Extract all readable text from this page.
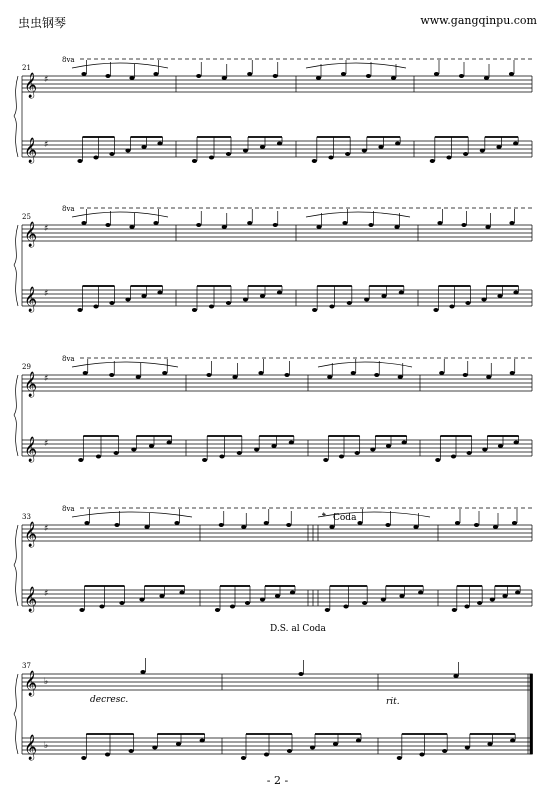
虫虫钢琴	www.gangqinpu.com
𝄞 ♯
𝄞 ♯
𝄞 ♯
𝄞 ♯
𝄞 ♯
𝄞 ♯
𝄞 ♯
𝄞 ♯
𝄞 ♭
𝄞 ♭
21
25
29
33
37
8va
8va
8va
8va
𝄌 Coda
D.S. al Coda
decresc.	rit.
- 2 -
